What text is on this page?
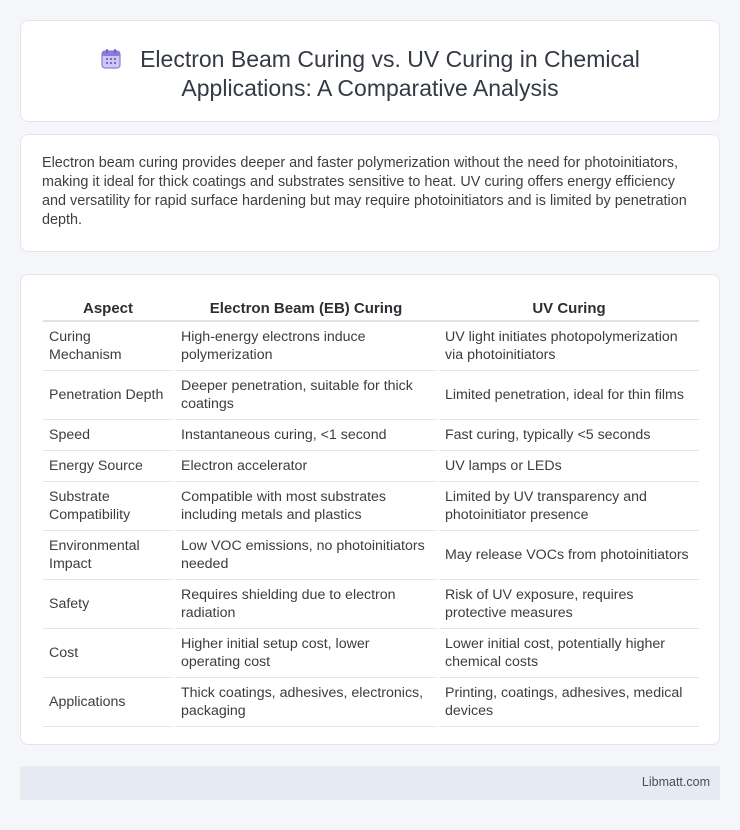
Electron Beam Curing vs. UV Curing in Chemical Applications: A Comparative Analysis

Electron beam curing provides deeper and faster polymerization without the need for photoinitiators, making it ideal for thick coatings and substrates sensitive to heat. UV curing offers energy efficiency and versatility for rapid surface hardening but may require photoinitiators and is limited by penetration depth.

Aspect	Electron Beam (EB) Curing	UV Curing
Curing Mechanism	High-energy electrons induce polymerization	UV light initiates photopolymerization via photoinitiators
Penetration Depth	Deeper penetration, suitable for thick coatings	Limited penetration, ideal for thin films
Speed	Instantaneous curing, <1 second	Fast curing, typically <5 seconds
Energy Source	Electron accelerator	UV lamps or LEDs
Substrate Compatibility	Compatible with most substrates including metals and plastics	Limited by UV transparency and photoinitiator presence
Environmental Impact	Low VOC emissions, no photoinitiators needed	May release VOCs from photoinitiators
Safety	Requires shielding due to electron radiation	Risk of UV exposure, requires protective measures
Cost	Higher initial setup cost, lower operating cost	Lower initial cost, potentially higher chemical costs
Applications	Thick coatings, adhesives, electronics, packaging	Printing, coatings, adhesives, medical devices
Libmatt.com
